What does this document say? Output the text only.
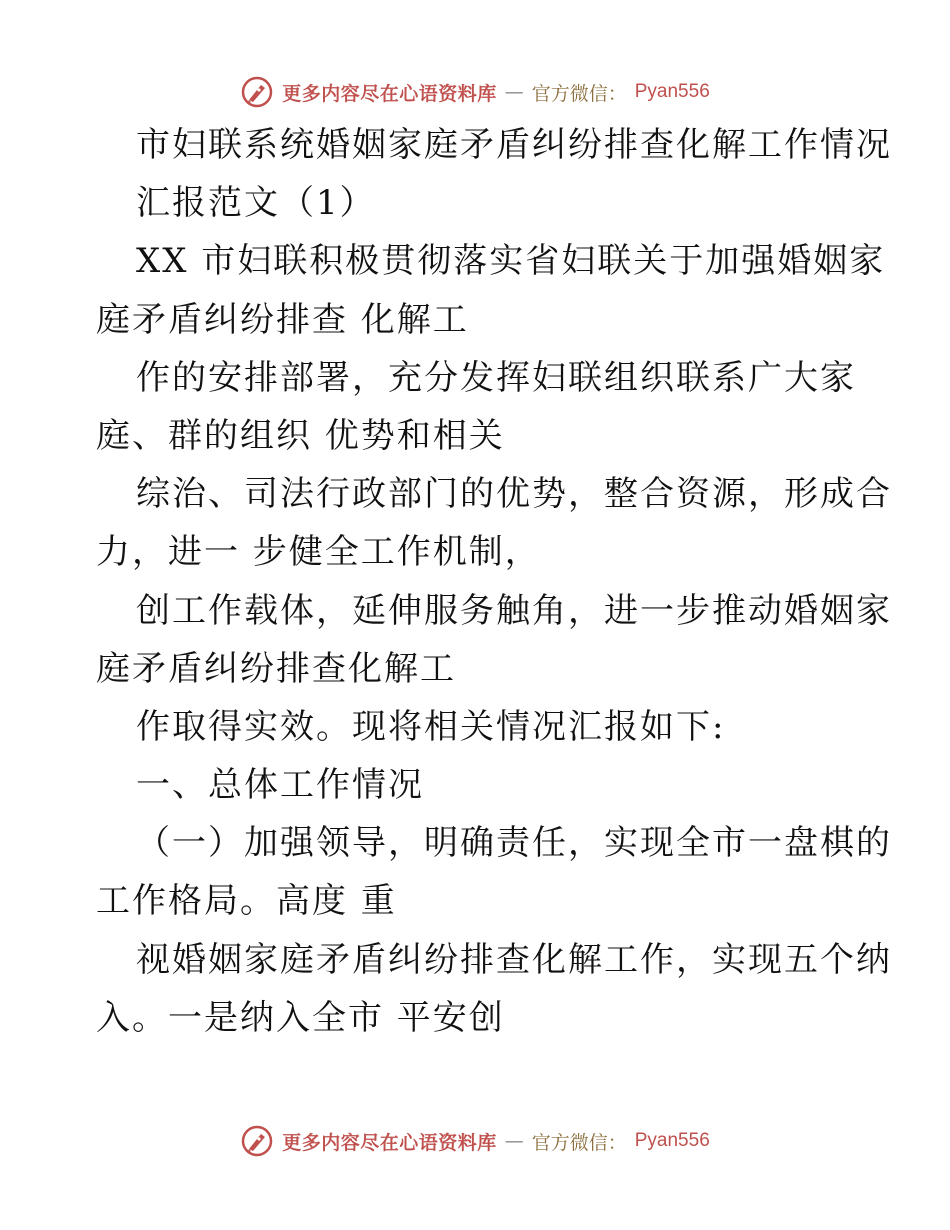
更多内容尽在心语资料库 — 官方微信： Pyan556
市妇联系统婚姻家庭矛盾纠纷排查化解工作情况
汇报范文（1）
XX 市妇联积极贯彻落实省妇联关于加强婚姻家
庭矛盾纠纷排查 化解工
作的安排部署，充分发挥妇联组织联系广大家
庭、群的组织 优势和相关
综治、司法行政部门的优势，整合资源，形成合
力，进一 步健全工作机制，
创工作载体，延伸服务触角，进一步推动婚姻家
庭矛盾纠纷排查化解工
作取得实效。现将相关情况汇报如下:
一、总体工作情况
（一）加强领导，明确责任，实现全市一盘棋的
工作格局。高度 重
视婚姻家庭矛盾纠纷排查化解工作，实现五个纳
入。一是纳入全市 平安创
更多内容尽在心语资料库 — 官方微信： Pyan556
